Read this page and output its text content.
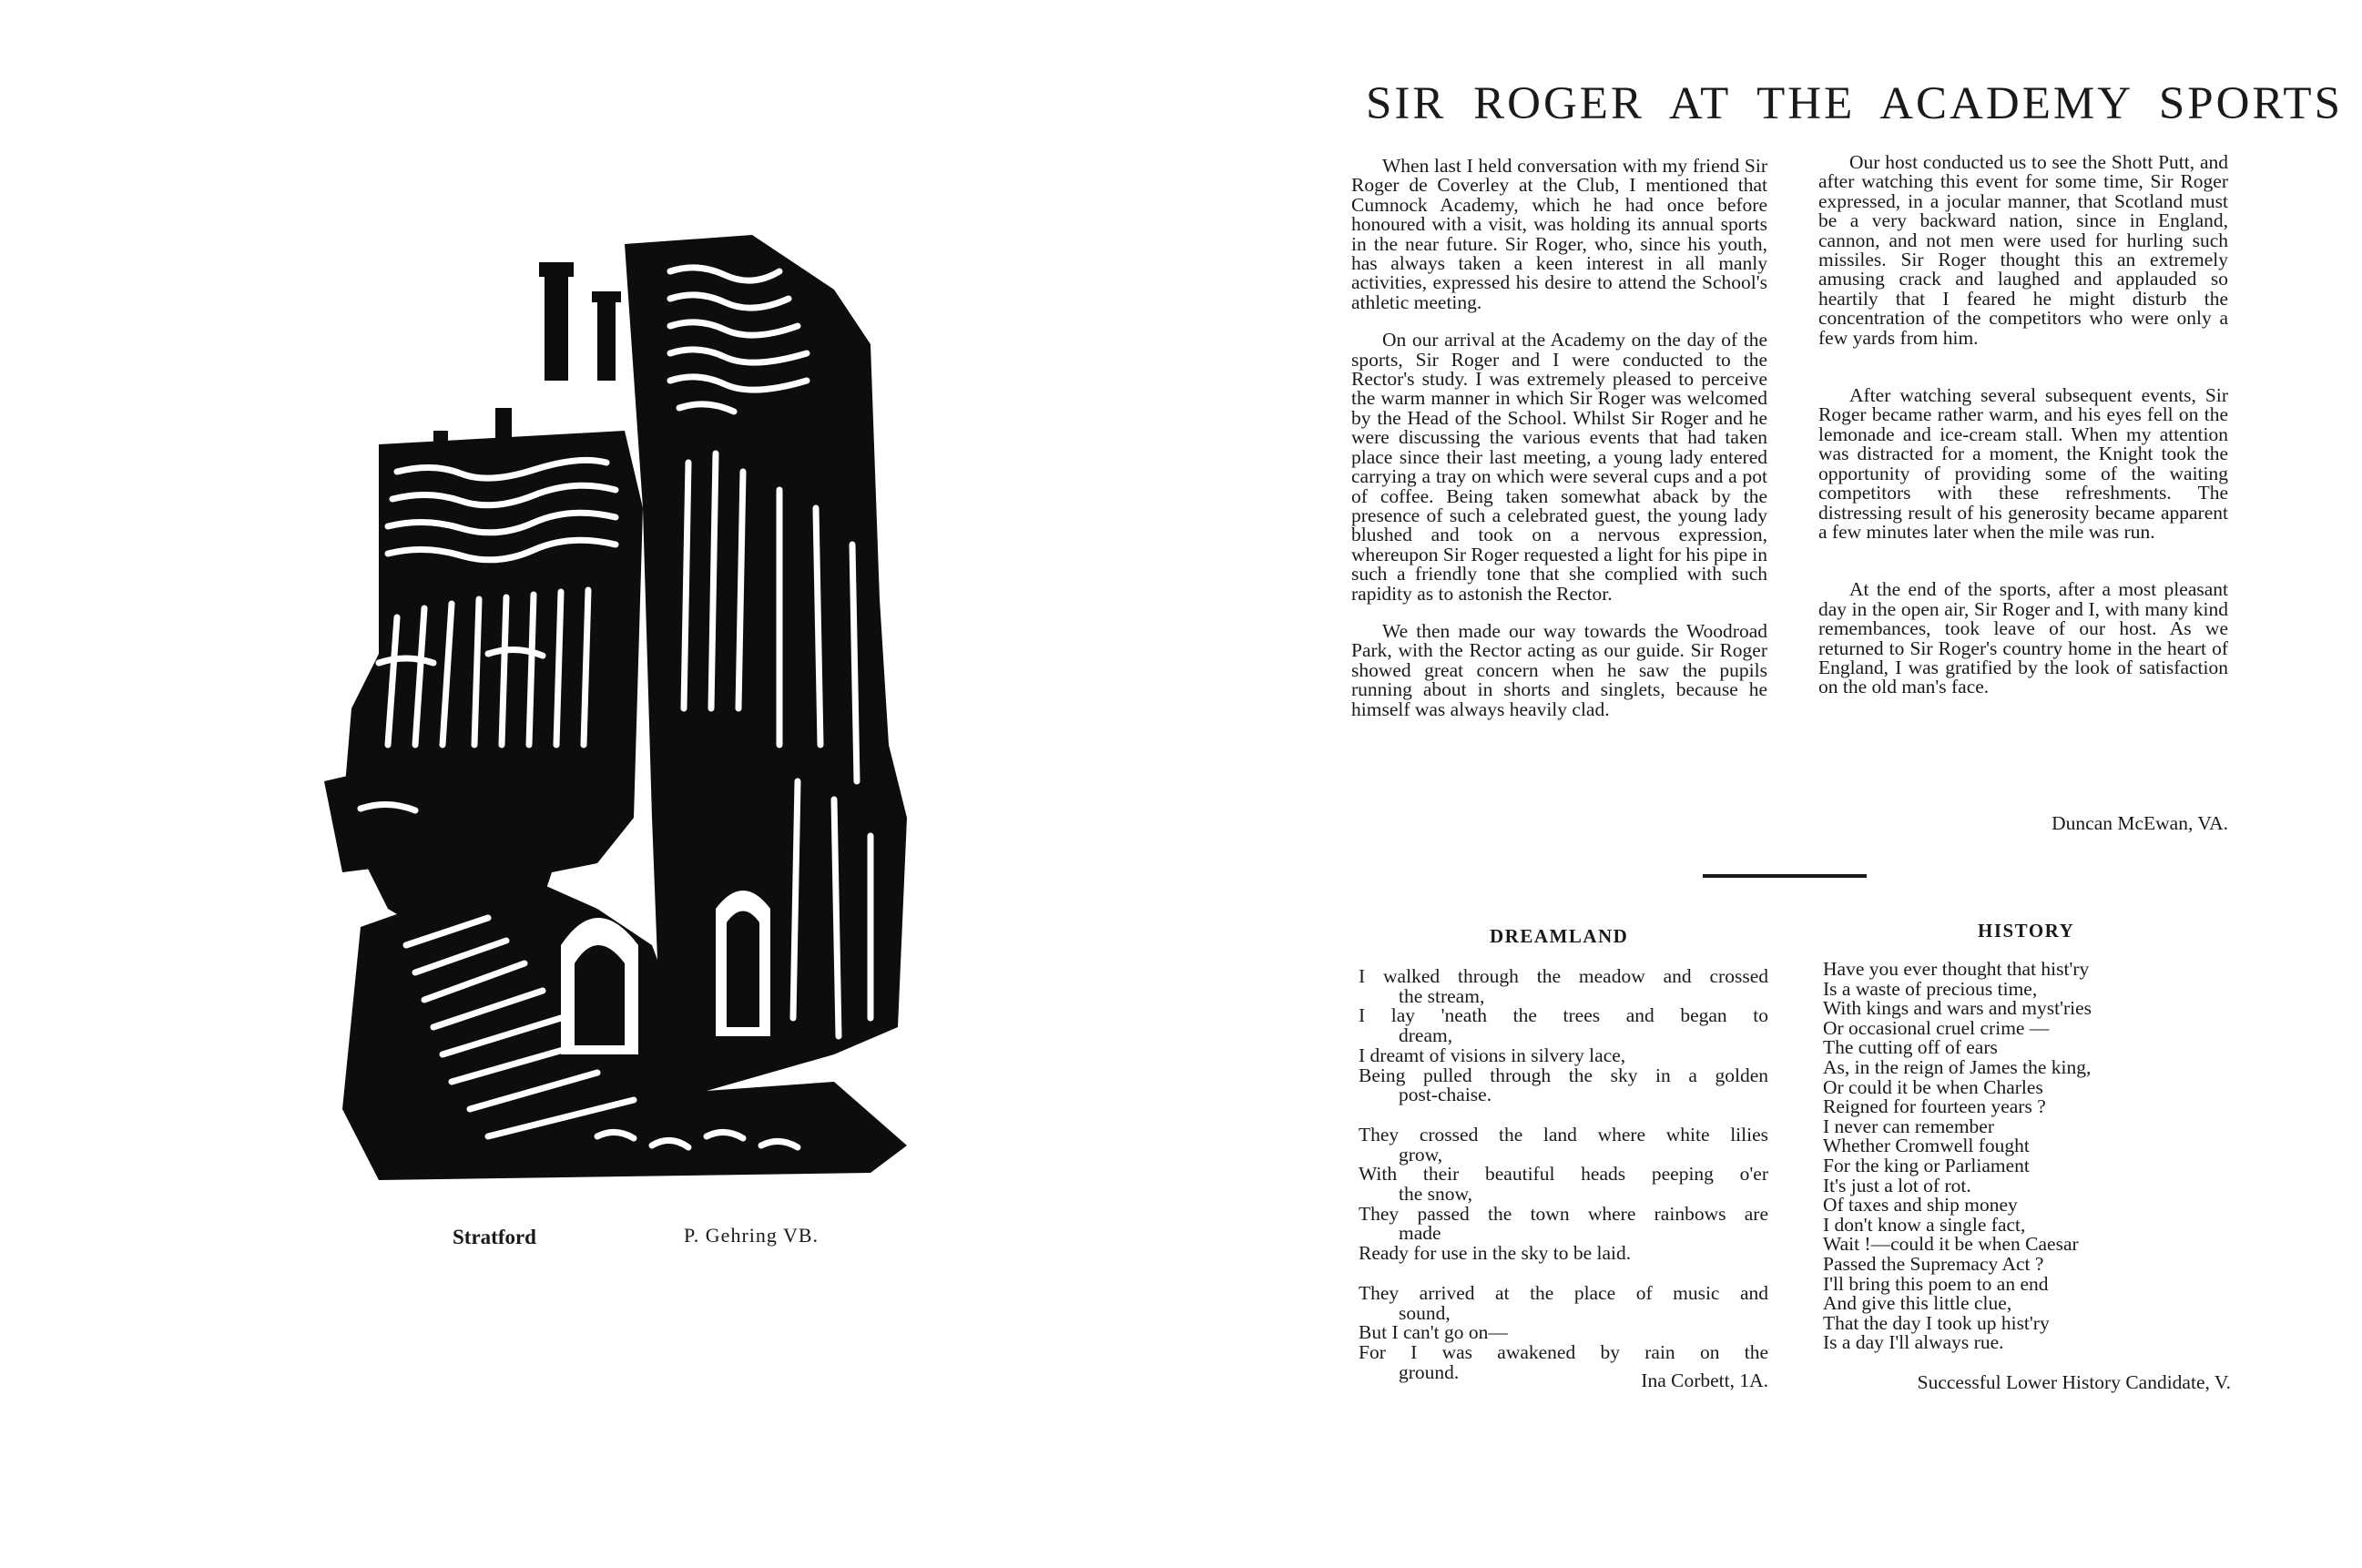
Stratford	P. Gehring VB.
SIR ROGER AT THE ACADEMY SPORTS

When last I held conversation with my friend Sir Roger de Coverley at the Club, I mentioned that Cumnock Academy, which he had once before honoured with a visit, was holding its annual sports in the near future. Sir Roger, who, since his youth, has always taken a keen interest in all manly activities, expressed his desire to attend the School's athletic meeting.

On our arrival at the Academy on the day of the sports, Sir Roger and I were conducted to the Rector's study. I was extremely pleased to perceive the warm manner in which Sir Roger was welcomed by the Head of the School. Whilst Sir Roger and he were discussing the various events that had taken place since their last meeting, a young lady entered carrying a tray on which were several cups and a pot of coffee. Being taken somewhat aback by the presence of such a celebrated guest, the young lady blushed and took on a nervous expression, whereupon Sir Roger requested a light for his pipe in such a friendly tone that she complied with such rapidity as to astonish the Rector.

We then made our way towards the Woodroad Park, with the Rector acting as our guide. Sir Roger showed great concern when he saw the pupils running about in shorts and singlets, because he himself was always heavily clad.

Our host conducted us to see the Shott Putt, and after watching this event for some time, Sir Roger expressed, in a jocular manner, that Scotland must be a very backward nation, since in England, cannon, and not men were used for hurling such missiles. Sir Roger thought this an extremely amusing crack and laughed and applauded so heartily that I feared he might disturb the concentration of the competitors who were only a few yards from him.

After watching several subsequent events, Sir Roger became rather warm, and his eyes fell on the lemonade and ice-cream stall. When my attention was distracted for a moment, the Knight took the opportunity of providing some of the waiting competitors with these refreshments. The distressing result of his generosity became apparent a few minutes later when the mile was run.

At the end of the sports, after a most pleasant day in the open air, Sir Roger and I, with many kind remembances, took leave of our host. As we returned to Sir Roger's country home in the heart of England, I was gratified by the look of satisfaction on the old man's face.

Duncan McEwan, VA.
DREAMLAND
I walked through the meadow and crossed
the stream,
I lay 'neath the trees and began to
dream,
I dreamt of visions in silvery lace,
Being pulled through the sky in a golden
post-chaise.
They crossed the land where white lilies
grow,
With their beautiful heads peeping o'er
the snow,
They passed the town where rainbows are
made
Ready for use in the sky to be laid.
They arrived at the place of music and
sound,
But I can't go on—
For I was awakened by rain on the
ground.	Ina Corbett, 1A.
HISTORY
Have you ever thought that hist'ry
Is a waste of precious time,
With kings and wars and myst'ries
Or occasional cruel crime —
The cutting off of ears
As, in the reign of James the king,
Or could it be when Charles
Reigned for fourteen years ?
I never can remember
Whether Cromwell fought
For the king or Parliament
It's just a lot of rot.
Of taxes and ship money
I don't know a single fact,
Wait !—could it be when Caesar
Passed the Supremacy Act ?
I'll bring this poem to an end
And give this little clue,
That the day I took up hist'ry
Is a day I'll always rue.
Successful Lower History Candidate, V.
